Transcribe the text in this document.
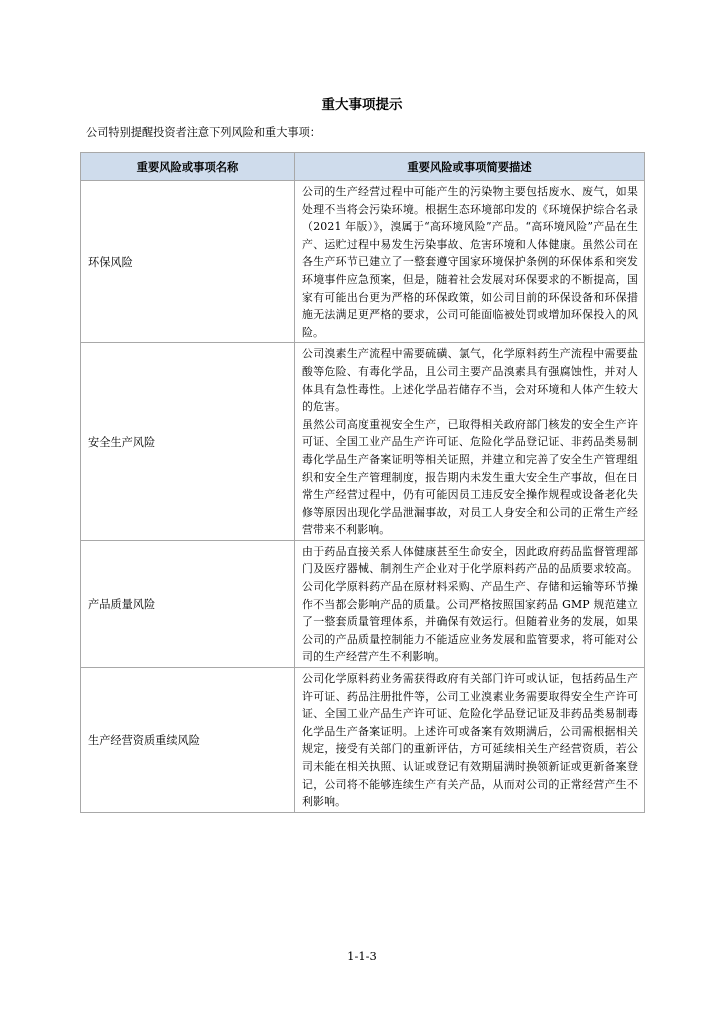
重大事项提示
公司特别提醒投资者注意下列风险和重大事项：
重要风险或事项名称	重要风险或事项简要描述
环保风险	公司的生产经营过程中可能产生的污染物主要包括废水、废气，如果处理不当将会污染环境。根据生态环境部印发的《环境保护综合名录（2021 年版）》，溴属于“高环境风险”产品。“高环境风险”产品在生产、运贮过程中易发生污染事故、危害环境和人体健康。虽然公司在各生产环节已建立了一整套遵守国家环境保护条例的环保体系和突发环境事件应急预案，但是，随着社会发展对环保要求的不断提高，国家有可能出台更为严格的环保政策，如公司目前的环保设备和环保措施无法满足更严格的要求，公司可能面临被处罚或增加环保投入的风险。

安全生产风险	公司溴素生产流程中需要硫磺、氯气，化学原料药生产流程中需要盐酸等危险、有毒化学品，且公司主要产品溴素具有强腐蚀性，并对人体具有急性毒性。上述化学品若储存不当，会对环境和人体产生较大的危害。
虽然公司高度重视安全生产，已取得相关政府部门核发的安全生产许可证、全国工业产品生产许可证、危险化学品登记证、非药品类易制毒化学品生产备案证明等相关证照，并建立和完善了安全生产管理组织和安全生产管理制度，报告期内未发生重大安全生产事故，但在日常生产经营过程中，仍有可能因员工违反安全操作规程或设备老化失修等原因出现化学品泄漏事故，对员工人身安全和公司的正常生产经营带来不利影响。

产品质量风险	由于药品直接关系人体健康甚至生命安全，因此政府药品监督管理部门及医疗器械、制剂生产企业对于化学原料药产品的品质要求较高。公司化学原料药产品在原材料采购、产品生产、存储和运输等环节操作不当都会影响产品的质量。公司严格按照国家药品 GMP 规范建立了一整套质量管理体系，并确保有效运行。但随着业务的发展，如果公司的产品质量控制能力不能适应业务发展和监管要求，将可能对公司的生产经营产生不利影响。

生产经营资质重续风险	公司化学原料药业务需获得政府有关部门许可或认证，包括药品生产许可证、药品注册批件等，公司工业溴素业务需要取得安全生产许可证、全国工业产品生产许可证、危险化学品登记证及非药品类易制毒化学品生产备案证明。上述许可或备案有效期满后，公司需根据相关规定，接受有关部门的重新评估，方可延续相关生产经营资质，若公司未能在相关执照、认证或登记有效期届满时换领新证或更新备案登记，公司将不能够连续生产有关产品，从而对公司的正常经营产生不利影响。
1-1-3
